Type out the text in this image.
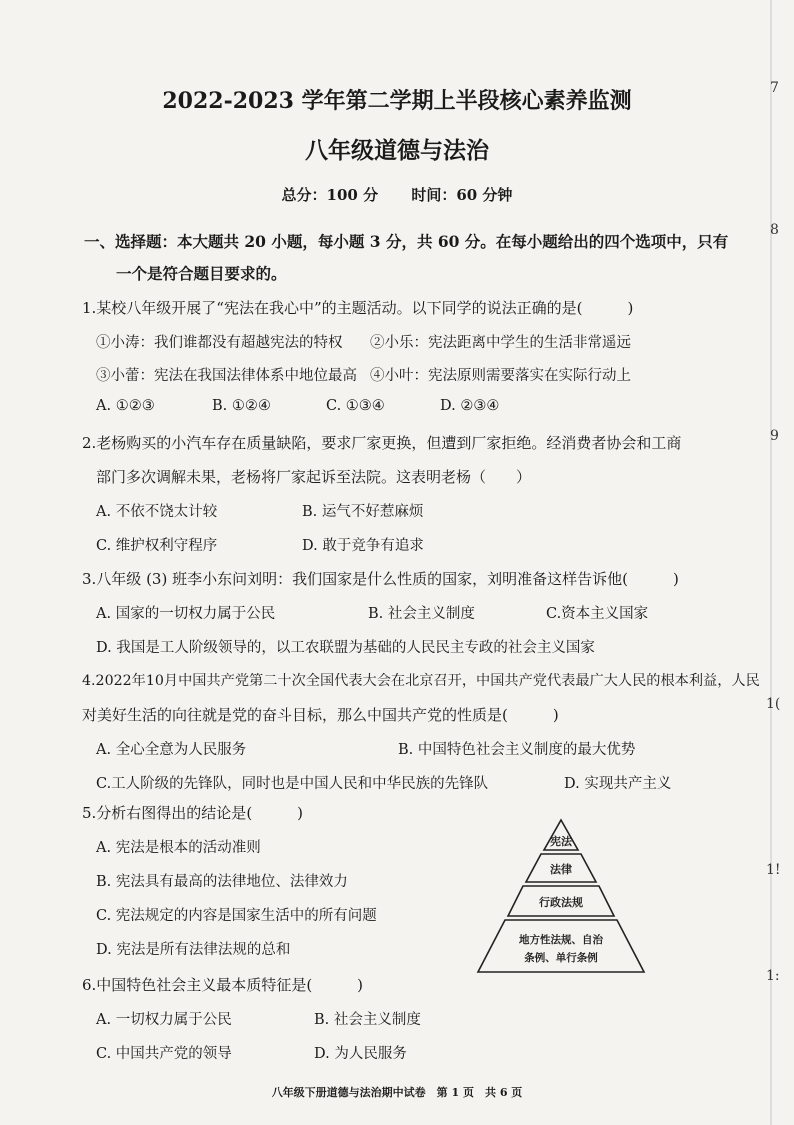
2022-2023 学年第二学期上半段核心素养监测
八年级道德与法治
总分：100 分 时间：60 分钟
一、选择题：本大题共 20 小题，每小题 3 分，共 60 分。在每小题给出的四个选项中，只有
一个是符合题目要求的。
1.某校八年级开展了“宪法在我心中”的主题活动。以下同学的说法正确的是(　　　)
①小涛：我们谁都没有超越宪法的特权 ②小乐：宪法距离中学生的生活非常遥远
③小蕾：宪法在我国法律体系中地位最高 ④小叶：宪法原则需要落实在实际行动上
A. ①②③	B. ①②④	C. ①③④	D. ②③④
2.老杨购买的小汽车存在质量缺陷，要求厂家更换，但遭到厂家拒绝。经消费者协会和工商
部门多次调解未果，老杨将厂家起诉至法院。这表明老杨（　　）
A. 不依不饶太计较	B. 运气不好惹麻烦
C. 维护权利守程序	D. 敢于竞争有追求
3.八年级 (3) 班李小东问刘明：我们国家是什么性质的国家，刘明准备这样告诉他(　　　)
A. 国家的一切权力属于公民	B. 社会主义制度	C.资本主义国家
D. 我国是工人阶级领导的，以工农联盟为基础的人民民主专政的社会主义国家
4.2022年10月中国共产党第二十次全国代表大会在北京召开，中国共产党代表最广大人民的根本利益，人民
对美好生活的向往就是党的奋斗目标，那么中国共产党的性质是(　　　)
A. 全心全意为人民服务	B. 中国特色社会主义制度的最大优势
C.工人阶级的先锋队，同时也是中国人民和中华民族的先锋队	D. 实现共产主义
5.分析右图得出的结论是(　　　)
A. 宪法是根本的活动准则
B. 宪法具有最高的法律地位、法律效力
C. 宪法规定的内容是国家生活中的所有问题
D. 宪法是所有法律法规的总和
宪法
法律
行政法规
地方性法规、自治
条例、单行条例
6.中国特色社会主义最本质特征是(　　　)
A. 一切权力属于公民	B. 社会主义制度
C. 中国共产党的领导	D. 为人民服务
八年级下册道德与法治期中试卷　第 1 页　共 6 页
7
8
9
1(
1!
1:
